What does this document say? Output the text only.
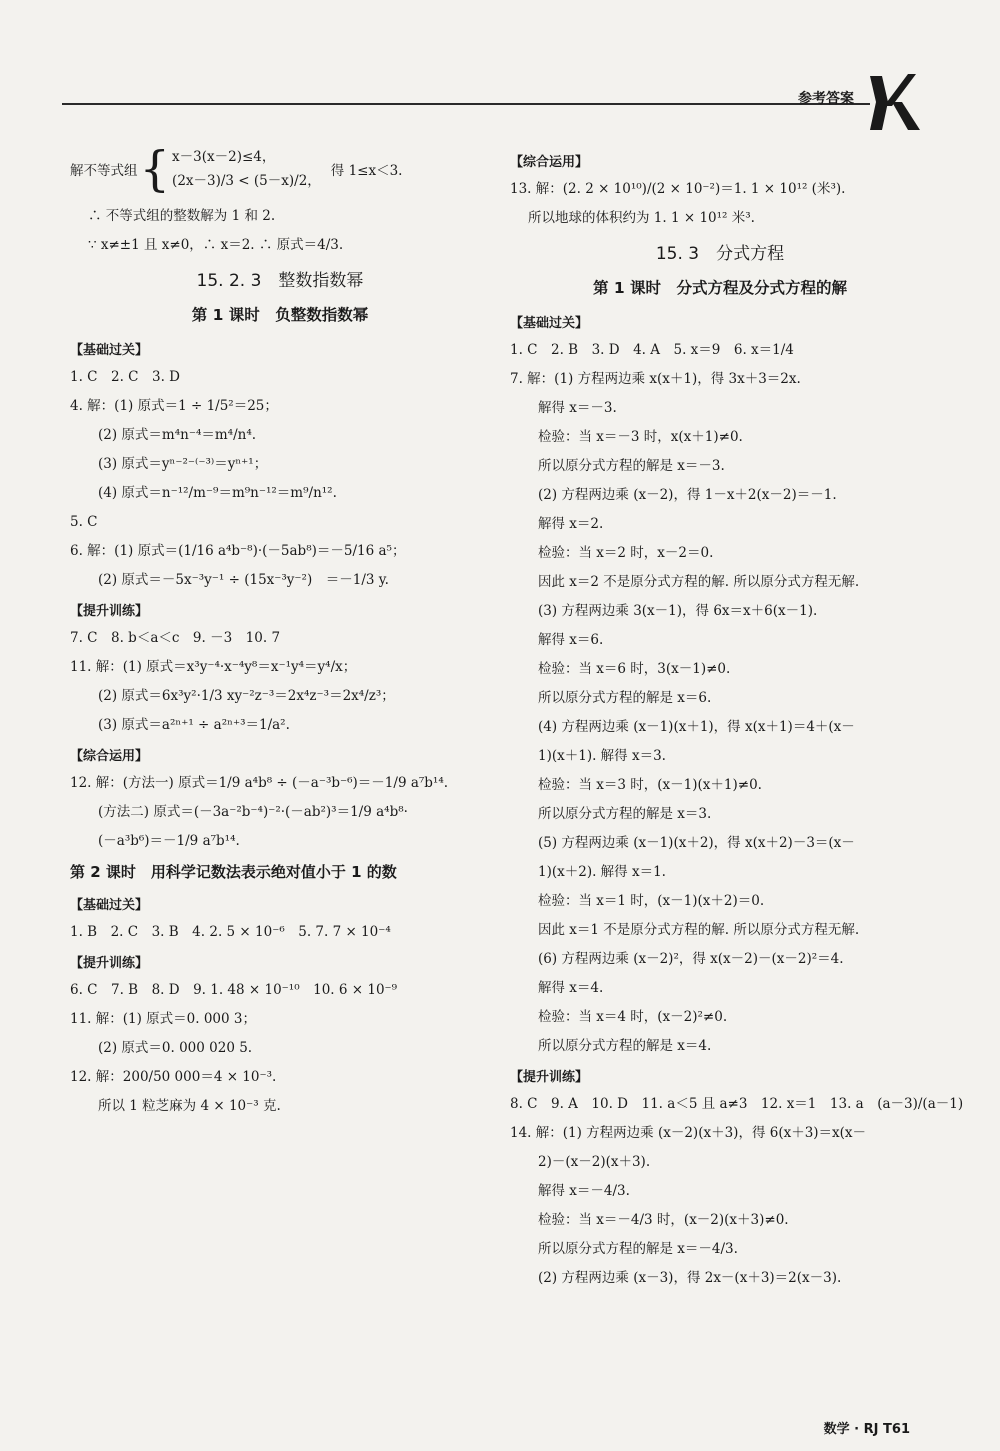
参考答案
解不等式组 { x－3(x－2)≤4，
(2x－3)/3 < (5－x)/2，
得 1≤x＜3.
∴ 不等式组的整数解为 1 和 2.
∵ x≠±1 且 x≠0，∴ x＝2. ∴ 原式＝4/3.
15. 2. 3　整数指数幂
第 1 课时　负整数指数幂
【基础过关】
1. C　2. C　3. D
4. 解：(1) 原式＝1 ÷ 1/5²＝25；
(2) 原式＝m⁴n⁻⁴＝m⁴/n⁴.
(3) 原式＝yⁿ⁻²⁻⁽⁻³⁾＝yⁿ⁺¹；
(4) 原式＝n⁻¹²/m⁻⁹＝m⁹n⁻¹²＝m⁹/n¹².
5. C
6. 解：(1) 原式＝(1/16 a⁴b⁻⁸)·(－5ab⁸)＝－5/16 a⁵；
(2) 原式＝－5x⁻³y⁻¹ ÷ (15x⁻³y⁻²)　＝－1/3 y.
【提升训练】
7. C　8. b＜a＜c　9. －3　10. 7
11. 解：(1) 原式＝x³y⁻⁴·x⁻⁴y⁸＝x⁻¹y⁴＝y⁴/x；
(2) 原式＝6x³y²·1/3 xy⁻²z⁻³＝2x⁴z⁻³＝2x⁴/z³；
(3) 原式＝a²ⁿ⁺¹ ÷ a²ⁿ⁺³＝1/a².
【综合运用】
12. 解：(方法一) 原式＝1/9 a⁴b⁸ ÷ (－a⁻³b⁻⁶)＝－1/9 a⁷b¹⁴.
(方法二) 原式＝(－3a⁻²b⁻⁴)⁻²·(－ab²)³＝1/9 a⁴b⁸·
(－a³b⁶)＝－1/9 a⁷b¹⁴.
第 2 课时　用科学记数法表示绝对值小于 1 的数
【基础过关】
1. B　2. C　3. B　4. 2. 5 × 10⁻⁶　5. 7. 7 × 10⁻⁴
【提升训练】
6. C　7. B　8. D　9. 1. 48 × 10⁻¹⁰　10. 6 × 10⁻⁹
11. 解：(1) 原式＝0. 000 3；
(2) 原式＝0. 000 020 5.
12. 解：200/50 000＝4 × 10⁻³.
所以 1 粒芝麻为 4 × 10⁻³ 克.
【综合运用】
13. 解：(2. 2 × 10¹⁰)/(2 × 10⁻²)＝1. 1 × 10¹² (米³).
所以地球的体积约为 1. 1 × 10¹² 米³.
15. 3　分式方程
第 1 课时　分式方程及分式方程的解
【基础过关】
1. C　2. B　3. D　4. A　5. x＝9　6. x＝1/4
7. 解：(1) 方程两边乘 x(x＋1)，得 3x＋3＝2x.
解得 x＝－3.
检验：当 x＝－3 时，x(x＋1)≠0.
所以原分式方程的解是 x＝－3.
(2) 方程两边乘 (x－2)，得 1－x＋2(x－2)＝－1.
解得 x＝2.
检验：当 x＝2 时，x－2＝0.
因此 x＝2 不是原分式方程的解. 所以原分式方程无解.
(3) 方程两边乘 3(x－1)，得 6x＝x＋6(x－1).
解得 x＝6.
检验：当 x＝6 时，3(x－1)≠0.
所以原分式方程的解是 x＝6.
(4) 方程两边乘 (x－1)(x＋1)，得 x(x＋1)＝4＋(x－
1)(x＋1). 解得 x＝3.
检验：当 x＝3 时，(x－1)(x＋1)≠0.
所以原分式方程的解是 x＝3.
(5) 方程两边乘 (x－1)(x＋2)，得 x(x＋2)－3＝(x－
1)(x＋2). 解得 x＝1.
检验：当 x＝1 时，(x－1)(x＋2)＝0.
因此 x＝1 不是原分式方程的解. 所以原分式方程无解.
(6) 方程两边乘 (x－2)²，得 x(x－2)－(x－2)²＝4.
解得 x＝4.
检验：当 x＝4 时，(x－2)²≠0.
所以原分式方程的解是 x＝4.
【提升训练】
8. C　9. A　10. D　11. a＜5 且 a≠3　12. x＝1　13. a　(a－3)/(a－1)
14. 解：(1) 方程两边乘 (x－2)(x＋3)，得 6(x＋3)＝x(x－
2)－(x－2)(x＋3).
解得 x＝－4/3.
检验：当 x＝－4/3 时，(x－2)(x＋3)≠0.
所以原分式方程的解是 x＝－4/3.
(2) 方程两边乘 (x－3)，得 2x－(x＋3)＝2(x－3).
数学 · RJ T61
